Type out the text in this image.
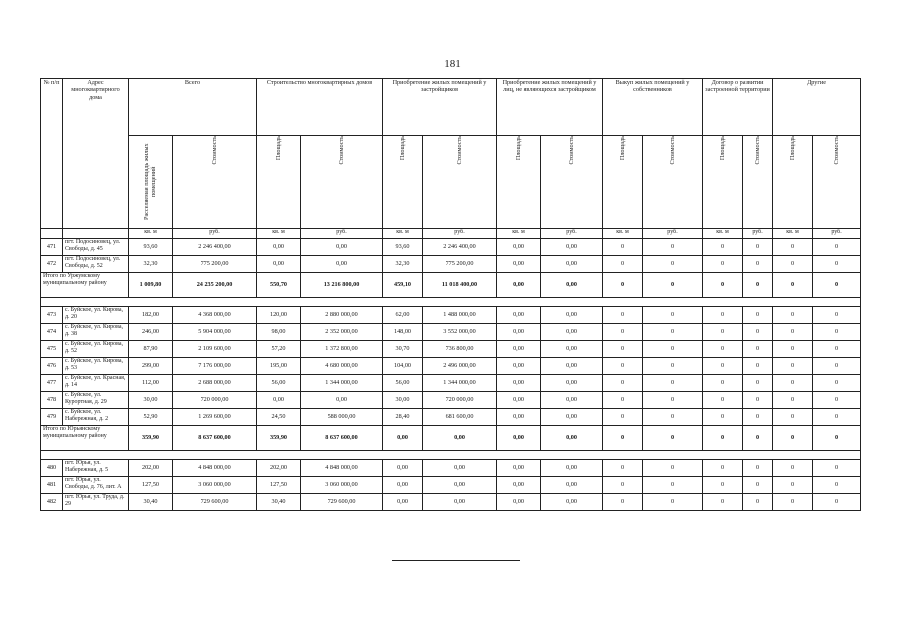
181
№ п/п	Адрес многоквартирного дома	Всего		Строительство многоквартирных домов		Приобретение жилых помещений у застройщиков		Приобретение жилых помещений у лиц, не являющихся застройщиком		Выкуп жилых помещений у собственников		Договор о развитии застроенной территории		Другие	

		Расселяемая площадь жилых помещений	Стоимость	Площадь	Стоимость	Площадь	Стоимость	Площадь	Стоимость	Площадь	Стоимость	Площадь	Стоимость	Площадь	Стоимость

		кв. м	руб.	кв. м	руб.	кв. м	руб.	кв. м	руб.	кв. м	руб.	кв. м	руб.	кв. м	руб.
471	пгт. Подосиновец, ул. Свободы, д. 45	93,60	2 246 400,00	0,00	0,00	93,60	2 246 400,00	0,00	0,00	0	0	0	0	0	0
472	пгт. Подосиновец, ул. Свободы, д. 52	32,30	775 200,00	0,00	0,00	32,30	775 200,00	0,00	0,00	0	0	0	0	0	0
Итого по Уржумскому муниципальному району		1 009,80	24 235 200,00	550,70	13 216 800,00	459,10	11 018 400,00	0,00	0,00	0	0	0	0	0	0

473	с. Буйское, ул. Кирова, д. 20	182,00	4 368 000,00	120,00	2 880 000,00	62,00	1 488 000,00	0,00	0,00	0	0	0	0	0	0
474	с. Буйское, ул. Кирова, д. 38	246,00	5 904 000,00	98,00	2 352 000,00	148,00	3 552 000,00	0,00	0,00	0	0	0	0	0	0
475	с. Буйское, ул. Кирова, д. 52	87,90	2 109 600,00	57,20	1 372 800,00	30,70	736 800,00	0,00	0,00	0	0	0	0	0	0
476	с. Буйское, ул. Кирова, д. 53	299,00	7 176 000,00	195,00	4 680 000,00	104,00	2 496 000,00	0,00	0,00	0	0	0	0	0	0
477	с. Буйское, ул. Красная, д. 14	112,00	2 688 000,00	56,00	1 344 000,00	56,00	1 344 000,00	0,00	0,00	0	0	0	0	0	0
478	с. Буйское, ул. Курортная, д. 29	30,00	720 000,00	0,00	0,00	30,00	720 000,00	0,00	0,00	0	0	0	0	0	0
479	с. Буйское, ул. Набережная, д. 2	52,90	1 269 600,00	24,50	588 000,00	28,40	681 600,00	0,00	0,00	0	0	0	0	0	0
Итого по Юрьянскому муниципальному району		359,90	8 637 600,00	359,90	8 637 600,00	0,00	0,00	0,00	0,00	0	0	0	0	0	0

480	пгт. Юрья, ул. Набережная, д. 5	202,00	4 848 000,00	202,00	4 848 000,00	0,00	0,00	0,00	0,00	0	0	0	0	0	0
481	пгт. Юрья, ул. Свободы, д. 76, лит. А	127,50	3 060 000,00	127,50	3 060 000,00	0,00	0,00	0,00	0,00	0	0	0	0	0	0
482	пгт. Юрья, ул. Труда, д. 29	30,40	729 600,00	30,40	729 600,00	0,00	0,00	0,00	0,00	0	0	0	0	0	0
